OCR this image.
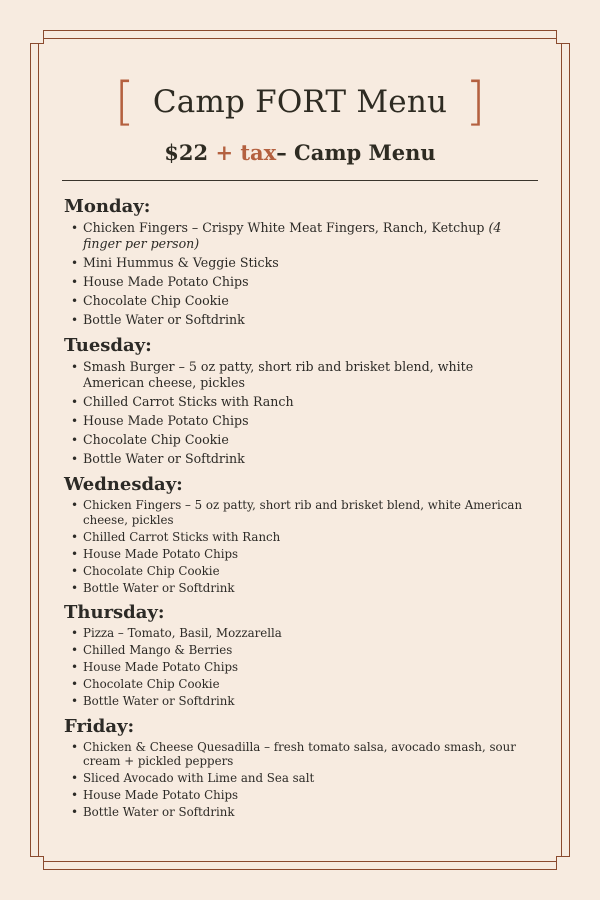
[ Camp FORT Menu ]
$22 + tax– Camp Menu
Monday:
• Chicken Fingers – Crispy White Meat Fingers, Ranch, Ketchup (4 finger per person)
• Mini Hummus & Veggie Sticks
• House Made Potato Chips
• Chocolate Chip Cookie
• Bottle Water or Softdrink
Tuesday:
• Smash Burger – 5 oz patty, short rib and brisket blend, white American cheese, pickles
• Chilled Carrot Sticks with Ranch
• House Made Potato Chips
• Chocolate Chip Cookie
• Bottle Water or Softdrink
Wednesday:
• Chicken Fingers – 5 oz patty, short rib and brisket blend, white American cheese, pickles
• Chilled Carrot Sticks with Ranch
• House Made Potato Chips
• Chocolate Chip Cookie
• Bottle Water or Softdrink
Thursday:
• Pizza – Tomato, Basil, Mozzarella
• Chilled Mango & Berries
• House Made Potato Chips
• Chocolate Chip Cookie
• Bottle Water or Softdrink
Friday:
• Chicken & Cheese Quesadilla – fresh tomato salsa, avocado smash, sour cream + pickled peppers
• Sliced Avocado with Lime and Sea salt
• House Made Potato Chips
• Bottle Water or Softdrink
